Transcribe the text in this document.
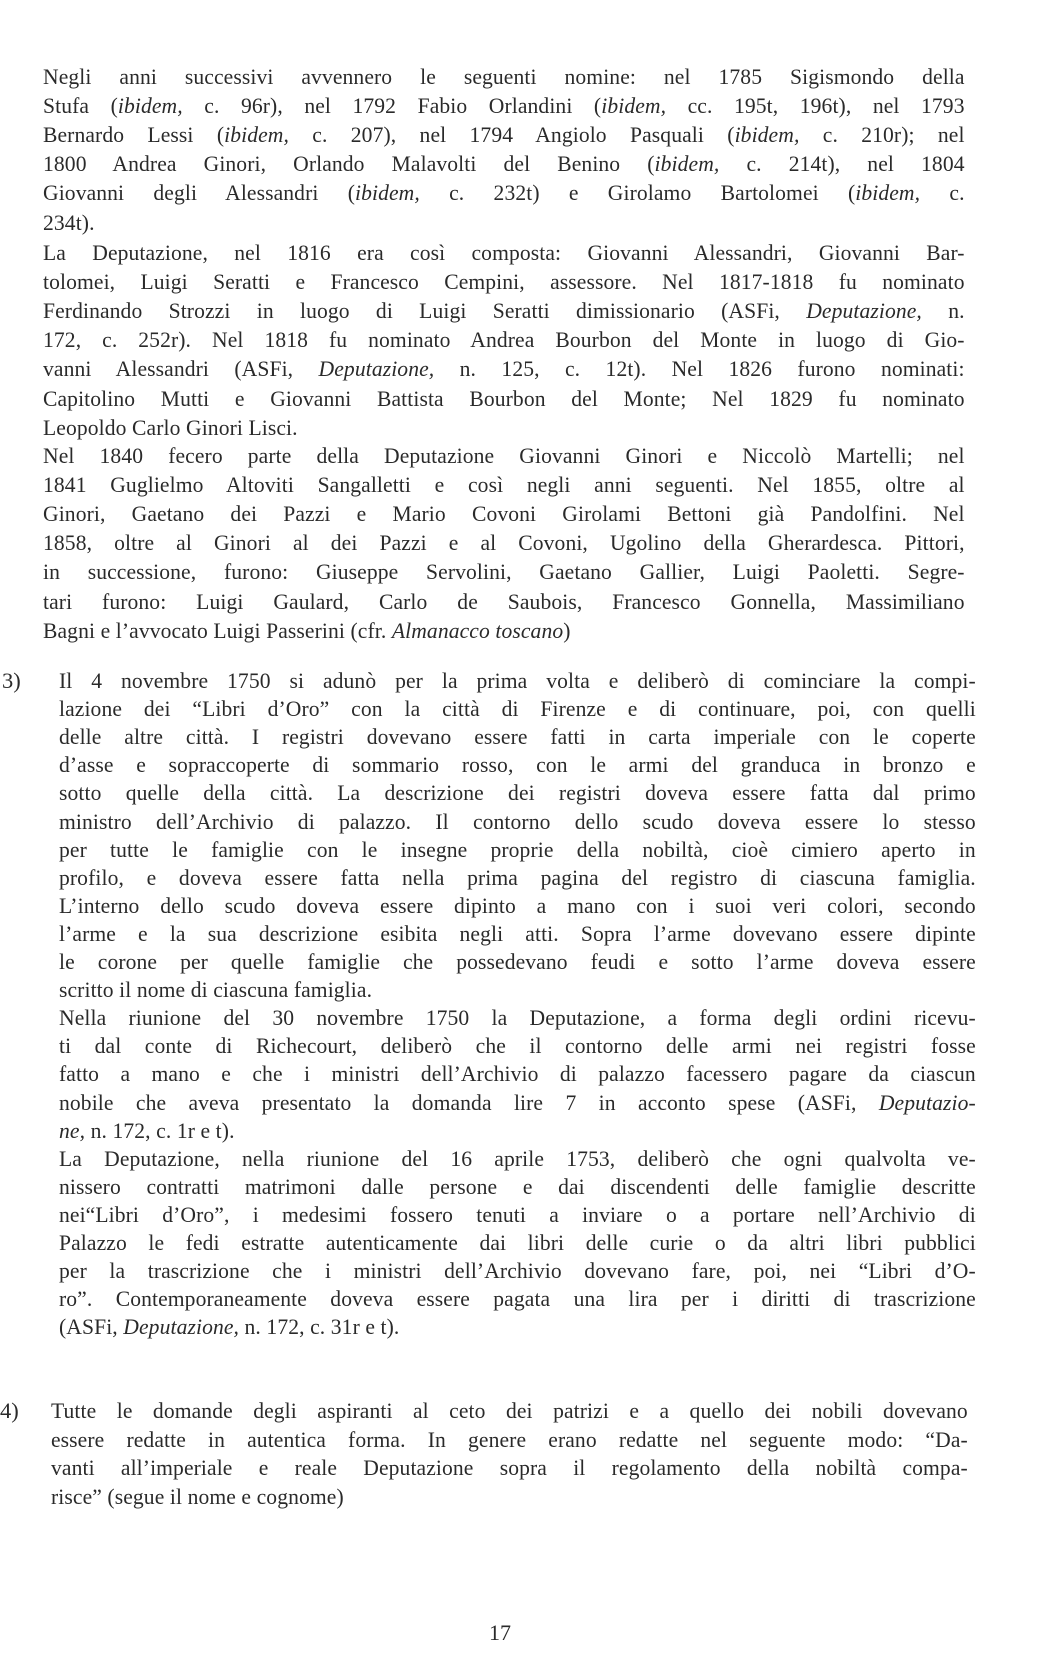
Negli anni successivi avvennero le seguenti nomine: nel 1785 Sigismondo della
Stufa (ibidem, c. 96r), nel 1792 Fabio Orlandini (ibidem, cc. 195t, 196t), nel 1793
Bernardo Lessi (ibidem, c. 207), nel 1794 Angiolo Pasquali (ibidem, c. 210r); nel
1800 Andrea Ginori, Orlando Malavolti del Benino (ibidem, c. 214t), nel 1804
Giovanni degli Alessandri (ibidem, c. 232t) e Girolamo Bartolomei (ibidem, c.
234t).
La Deputazione, nel 1816 era così composta: Giovanni Alessandri, Giovanni Bar-
tolomei, Luigi Seratti e Francesco Cempini, assessore. Nel 1817-1818 fu nominato
Ferdinando Strozzi in luogo di Luigi Seratti dimissionario (ASFi, Deputazione, n.
172, c. 252r). Nel 1818 fu nominato Andrea Bourbon del Monte in luogo di Gio-
vanni Alessandri (ASFi, Deputazione, n. 125, c. 12t). Nel 1826 furono nominati:
Capitolino Mutti e Giovanni Battista Bourbon del Monte; Nel 1829 fu nominato
Leopoldo Carlo Ginori Lisci.
Nel 1840 fecero parte della Deputazione Giovanni Ginori e Niccolò Martelli; nel
1841 Guglielmo Altoviti Sangalletti e così negli anni seguenti. Nel 1855, oltre al
Ginori, Gaetano dei Pazzi e Mario Covoni Girolami Bettoni già Pandolfini. Nel
1858, oltre al Ginori al dei Pazzi e al Covoni, Ugolino della Gherardesca. Pittori,
in successione, furono: Giuseppe Servolini, Gaetano Gallier, Luigi Paoletti. Segre-
tari furono: Luigi Gaulard, Carlo de Saubois, Francesco Gonnella, Massimiliano
Bagni e l’avvocato Luigi Passerini (cfr. Almanacco toscano)
3) Il 4 novembre 1750 si adunò per la prima volta e deliberò di cominciare la compi-
lazione dei “Libri d’Oro” con la città di Firenze e di continuare, poi, con quelli
delle altre città. I registri dovevano essere fatti in carta imperiale con le coperte
d’asse e sopraccoperte di sommario rosso, con le armi del granduca in bronzo e
sotto quelle della città. La descrizione dei registri doveva essere fatta dal primo
ministro dell’Archivio di palazzo. Il contorno dello scudo doveva essere lo stesso
per tutte le famiglie con le insegne proprie della nobiltà, cioè cimiero aperto in
profilo, e doveva essere fatta nella prima pagina del registro di ciascuna famiglia.
L’interno dello scudo doveva essere dipinto a mano con i suoi veri colori, secondo
l’arme e la sua descrizione esibita negli atti. Sopra l’arme dovevano essere dipinte
le corone per quelle famiglie che possedevano feudi e sotto l’arme doveva essere
scritto il nome di ciascuna famiglia.
Nella riunione del 30 novembre 1750 la Deputazione, a forma degli ordini ricevu-
ti dal conte di Richecourt, deliberò che il contorno delle armi nei registri fosse
fatto a mano e che i ministri dell’Archivio di palazzo facessero pagare da ciascun
nobile che aveva presentato la domanda lire 7 in acconto spese (ASFi, Deputazio-
ne, n. 172, c. 1r e t).
La Deputazione, nella riunione del 16 aprile 1753, deliberò che ogni qualvolta ve-
nissero contratti matrimoni dalle persone e dai discendenti delle famiglie descritte
nei“Libri d’Oro”, i medesimi fossero tenuti a inviare o a portare nell’Archivio di
Palazzo le fedi estratte autenticamente dai libri delle curie o da altri libri pubblici
per la trascrizione che i ministri dell’Archivio dovevano fare, poi, nei “Libri d’O-
ro”. Contemporaneamente doveva essere pagata una lira per i diritti di trascrizione
(ASFi, Deputazione, n. 172, c. 31r e t).
4) Tutte le domande degli aspiranti al ceto dei patrizi e a quello dei nobili dovevano
essere redatte in autentica forma. In genere erano redatte nel seguente modo: “Da-
vanti all’imperiale e reale Deputazione sopra il regolamento della nobiltà compa-
risce” (segue il nome e cognome)
17
